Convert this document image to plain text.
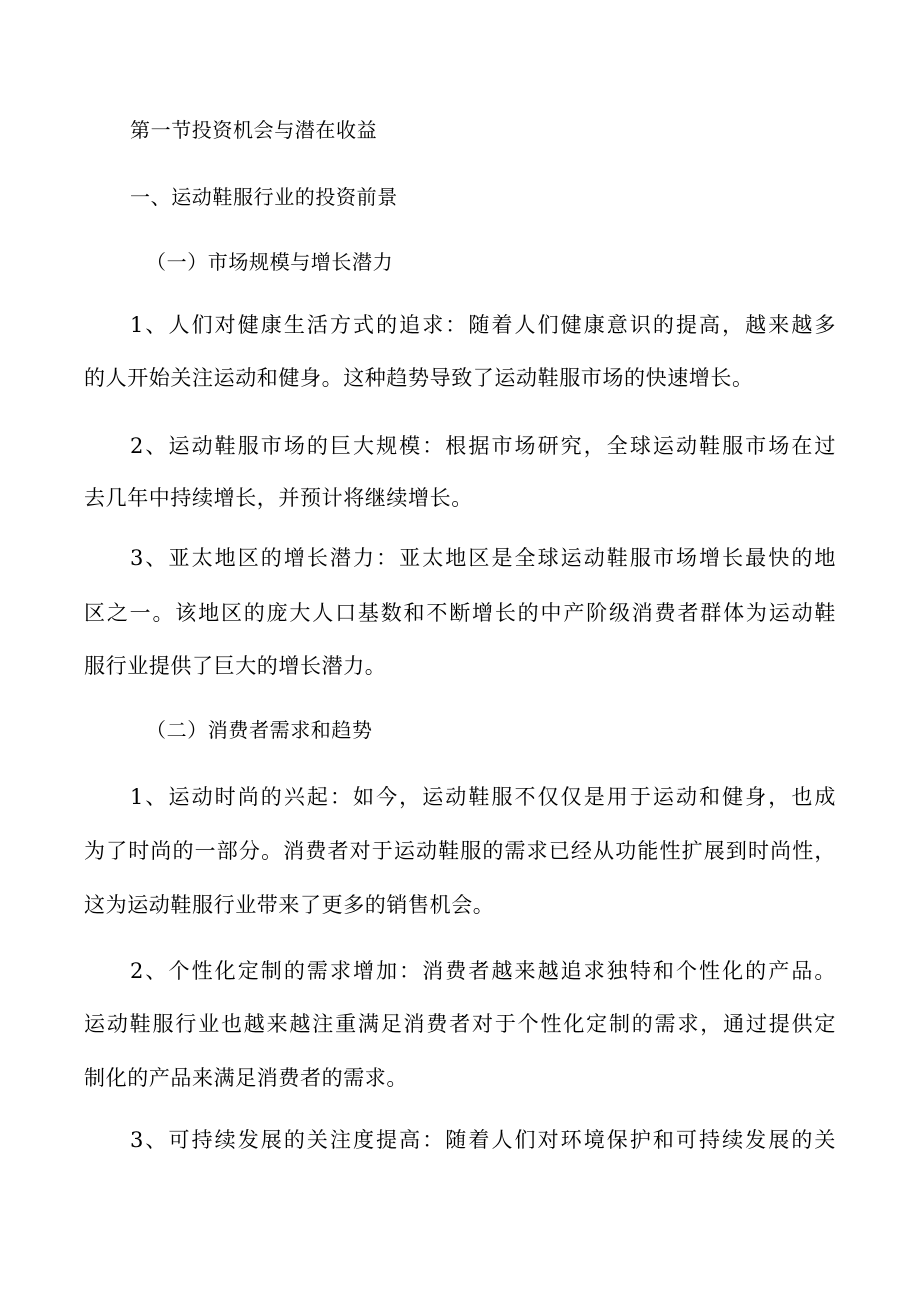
第一节投资机会与潜在收益
一、运动鞋服行业的投资前景
（一）市场规模与增长潜力
1、人们对健康生活方式的追求：随着人们健康意识的提高，越来越多
的人开始关注运动和健身。这种趋势导致了运动鞋服市场的快速增长。
2、运动鞋服市场的巨大规模：根据市场研究，全球运动鞋服市场在过
去几年中持续增长，并预计将继续增长。
3、亚太地区的增长潜力：亚太地区是全球运动鞋服市场增长最快的地
区之一。该地区的庞大人口基数和不断增长的中产阶级消费者群体为运动鞋
服行业提供了巨大的增长潜力。
（二）消费者需求和趋势
1、运动时尚的兴起：如今，运动鞋服不仅仅是用于运动和健身，也成
为了时尚的一部分。消费者对于运动鞋服的需求已经从功能性扩展到时尚性，
这为运动鞋服行业带来了更多的销售机会。
2、个性化定制的需求增加：消费者越来越追求独特和个性化的产品。
运动鞋服行业也越来越注重满足消费者对于个性化定制的需求，通过提供定
制化的产品来满足消费者的需求。
3、可持续发展的关注度提高：随着人们对环境保护和可持续发展的关
